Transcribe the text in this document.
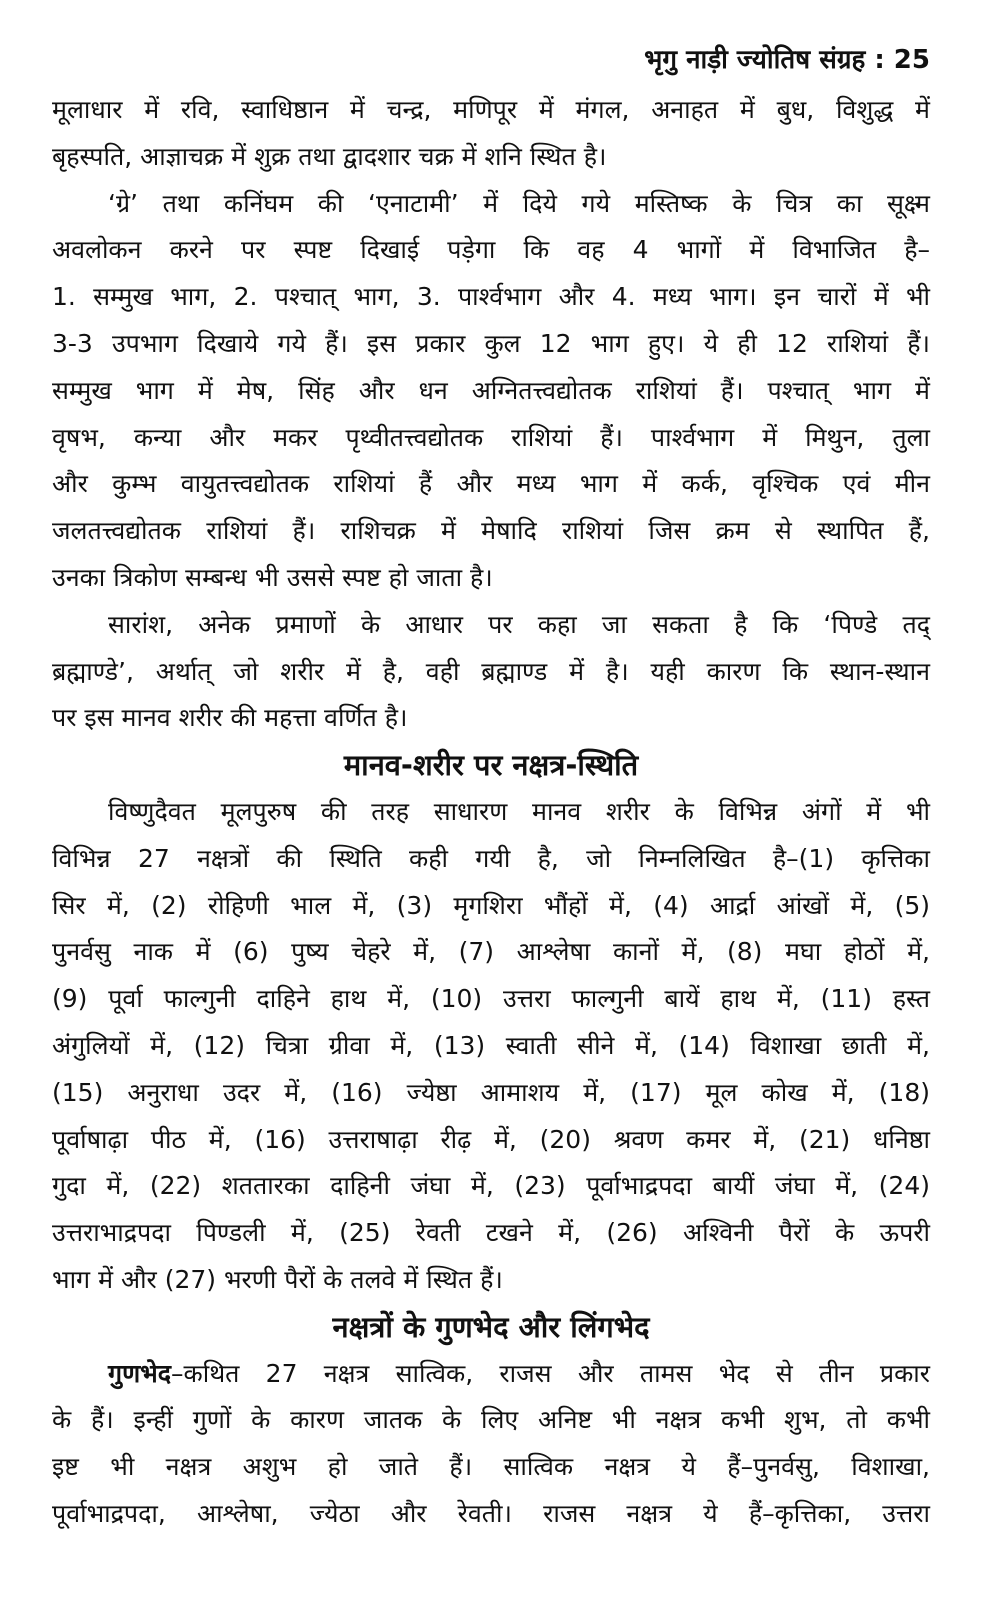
भृगु नाड़ी ज्योतिष संग्रह : 25
मूलाधार में रवि, स्वाधिष्ठान में चन्द्र, मणिपूर में मंगल, अनाहत में बुध, विशुद्ध में
बृहस्पति, आज्ञाचक्र में शुक्र तथा द्वादशार चक्र में शनि स्थित है।
‘ग्रे’ तथा कनिंघम की ‘एनाटामी’ में दिये गये मस्तिष्क के चित्र का सूक्ष्म
अवलोकन करने पर स्पष्ट दिखाई पड़ेगा कि वह 4 भागों में विभाजित है–
1. सम्मुख भाग, 2. पश्चात् भाग, 3. पार्श्वभाग और 4. मध्य भाग। इन चारों में भी
3-3 उपभाग दिखाये गये हैं। इस प्रकार कुल 12 भाग हुए। ये ही 12 राशियां हैं।
सम्मुख भाग में मेष, सिंह और धन अग्नितत्त्वद्योतक राशियां हैं। पश्चात् भाग में
वृषभ, कन्या और मकर पृथ्वीतत्त्वद्योतक राशियां हैं। पार्श्वभाग में मिथुन, तुला
और कुम्भ वायुतत्त्वद्योतक राशियां हैं और मध्य भाग में कर्क, वृश्चिक एवं मीन
जलतत्त्वद्योतक राशियां हैं। राशिचक्र में मेषादि राशियां जिस क्रम से स्थापित हैं,
उनका त्रिकोण सम्बन्ध भी उससे स्पष्ट हो जाता है।
सारांश, अनेक प्रमाणों के आधार पर कहा जा सकता है कि ‘पिण्डे तद्
ब्रह्माण्डे’, अर्थात् जो शरीर में है, वही ब्रह्माण्ड में है। यही कारण कि स्थान-स्थान
पर इस मानव शरीर की महत्ता वर्णित है।
मानव-शरीर पर नक्षत्र-स्थिति
विष्णुदैवत मूलपुरुष की तरह साधारण मानव शरीर के विभिन्न अंगों में भी
विभिन्न 27 नक्षत्रों की स्थिति कही गयी है, जो निम्नलिखित है–(1) कृत्तिका
सिर में, (2) रोहिणी भाल में, (3) मृगशिरा भौंहों में, (4) आर्द्रा आंखों में, (5)
पुनर्वसु नाक में (6) पुष्य चेहरे में, (7) आश्लेषा कानों में, (8) मघा होठों में,
(9) पूर्वा फाल्गुनी दाहिने हाथ में, (10) उत्तरा फाल्गुनी बायें हाथ में, (11) हस्त
अंगुलियों में, (12) चित्रा ग्रीवा में, (13) स्वाती सीने में, (14) विशाखा छाती में,
(15) अनुराधा उदर में, (16) ज्येष्ठा आमाशय में, (17) मूल कोख में, (18)
पूर्वाषाढ़ा पीठ में, (16) उत्तराषाढ़ा रीढ़ में, (20) श्रवण कमर में, (21) धनिष्ठा
गुदा में, (22) शततारका दाहिनी जंघा में, (23) पूर्वाभाद्रपदा बायीं जंघा में, (24)
उत्तराभाद्रपदा पिण्डली में, (25) रेवती टखने में, (26) अश्विनी पैरों के ऊपरी
भाग में और (27) भरणी पैरों के तलवे में स्थित हैं।
नक्षत्रों के गुणभेद और लिंगभेद
गुणभेद–कथित 27 नक्षत्र सात्विक, राजस और तामस भेद से तीन प्रकार
के हैं। इन्हीं गुणों के कारण जातक के लिए अनिष्ट भी नक्षत्र कभी शुभ, तो कभी
इष्ट भी नक्षत्र अशुभ हो जाते हैं। सात्विक नक्षत्र ये हैं–पुनर्वसु, विशाखा,
पूर्वाभाद्रपदा, आश्लेषा, ज्येठा और रेवती। राजस नक्षत्र ये हैं–कृत्तिका, उत्तरा
